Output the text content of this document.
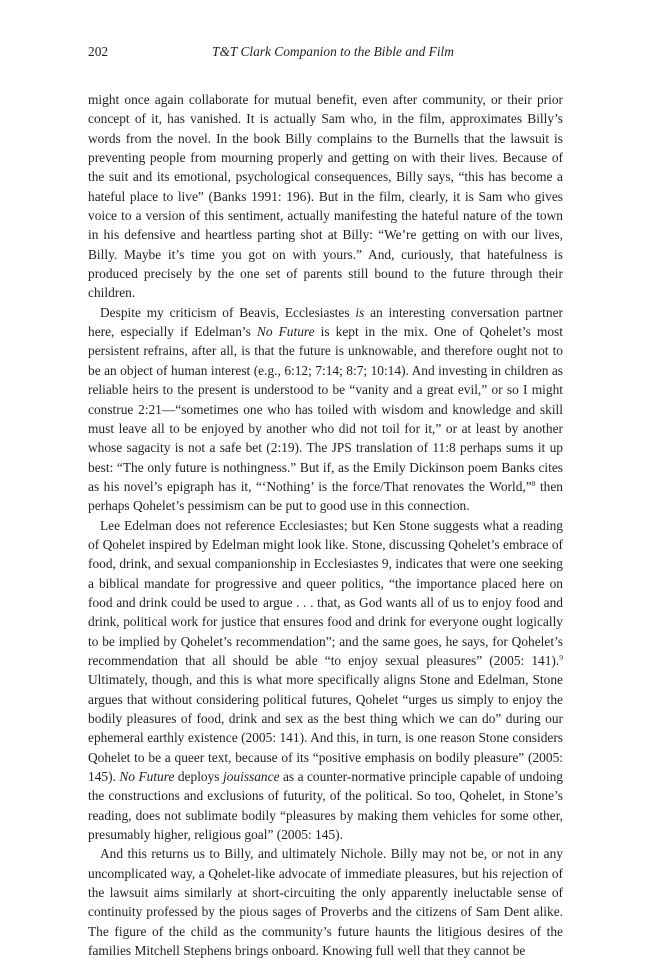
202	T&T Clark Companion to the Bible and Film

might once again collaborate for mutual benefit, even after community, or their prior concept of it, has vanished. It is actually Sam who, in the film, approximates Billy’s words from the novel. In the book Billy complains to the Burnells that the lawsuit is preventing people from mourning properly and getting on with their lives. Because of the suit and its emotional, psychological consequences, Billy says, “this has become a hateful place to live” (Banks 1991: 196). But in the film, clearly, it is Sam who gives voice to a version of this sentiment, actually manifesting the hateful nature of the town in his defensive and heartless parting shot at Billy: “We’re getting on with our lives, Billy. Maybe it’s time you got on with yours.” And, curiously, that hatefulness is produced precisely by the one set of parents still bound to the future through their children.

Despite my criticism of Beavis, Ecclesiastes is an interesting conversation partner here, especially if Edelman’s No Future is kept in the mix. One of Qohelet’s most persistent refrains, after all, is that the future is unknowable, and therefore ought not to be an object of human interest (e.g., 6:12; 7:14; 8:7; 10:14). And investing in children as reliable heirs to the present is understood to be “vanity and a great evil,” or so I might construe 2:21—“sometimes one who has toiled with wisdom and knowledge and skill must leave all to be enjoyed by another who did not toil for it,” or at least by another whose sagacity is not a safe bet (2:19). The JPS translation of 11:8 perhaps sums it up best: “The only future is nothingness.” But if, as the Emily Dickinson poem Banks cites as his novel’s epigraph has it, “‘Nothing’ is the force/That renovates the World,”$^8$ then perhaps Qohelet’s pessimism can be put to good use in this connection.

Lee Edelman does not reference Ecclesiastes; but Ken Stone suggests what a reading of Qohelet inspired by Edelman might look like. Stone, discussing Qohelet’s embrace of food, drink, and sexual companionship in Ecclesiastes 9, indicates that were one seeking a biblical mandate for progressive and queer politics, “the importance placed here on food and drink could be used to argue . . . that, as God wants all of us to enjoy food and drink, political work for justice that ensures food and drink for everyone ought logically to be implied by Qohelet’s recommendation”; and the same goes, he says, for Qohelet’s recommendation that all should be able “to enjoy sexual pleasures” (2005: 141).$^9$ Ultimately, though, and this is what more specifically aligns Stone and Edelman, Stone argues that without considering political futures, Qohelet “urges us simply to enjoy the bodily pleasures of food, drink and sex as the best thing which we can do” during our ephemeral earthly existence (2005: 141). And this, in turn, is one reason Stone considers Qohelet to be a queer text, because of its “positive emphasis on bodily pleasure” (2005: 145). No Future deploys jouissance as a counter-normative principle capable of undoing the constructions and exclusions of futurity, of the political. So too, Qohelet, in Stone’s reading, does not sublimate bodily “pleasures by making them vehicles for some other, presumably higher, religious goal” (2005: 145).

And this returns us to Billy, and ultimately Nichole. Billy may not be, or not in any uncomplicated way, a Qohelet-like advocate of immediate pleasures, but his rejection of the lawsuit aims similarly at short-circuiting the only apparently ineluctable sense of continuity professed by the pious sages of Proverbs and the citizens of Sam Dent alike. The figure of the child as the community’s future haunts the litigious desires of the families Mitchell Stephens brings onboard. Knowing full well that they cannot be
